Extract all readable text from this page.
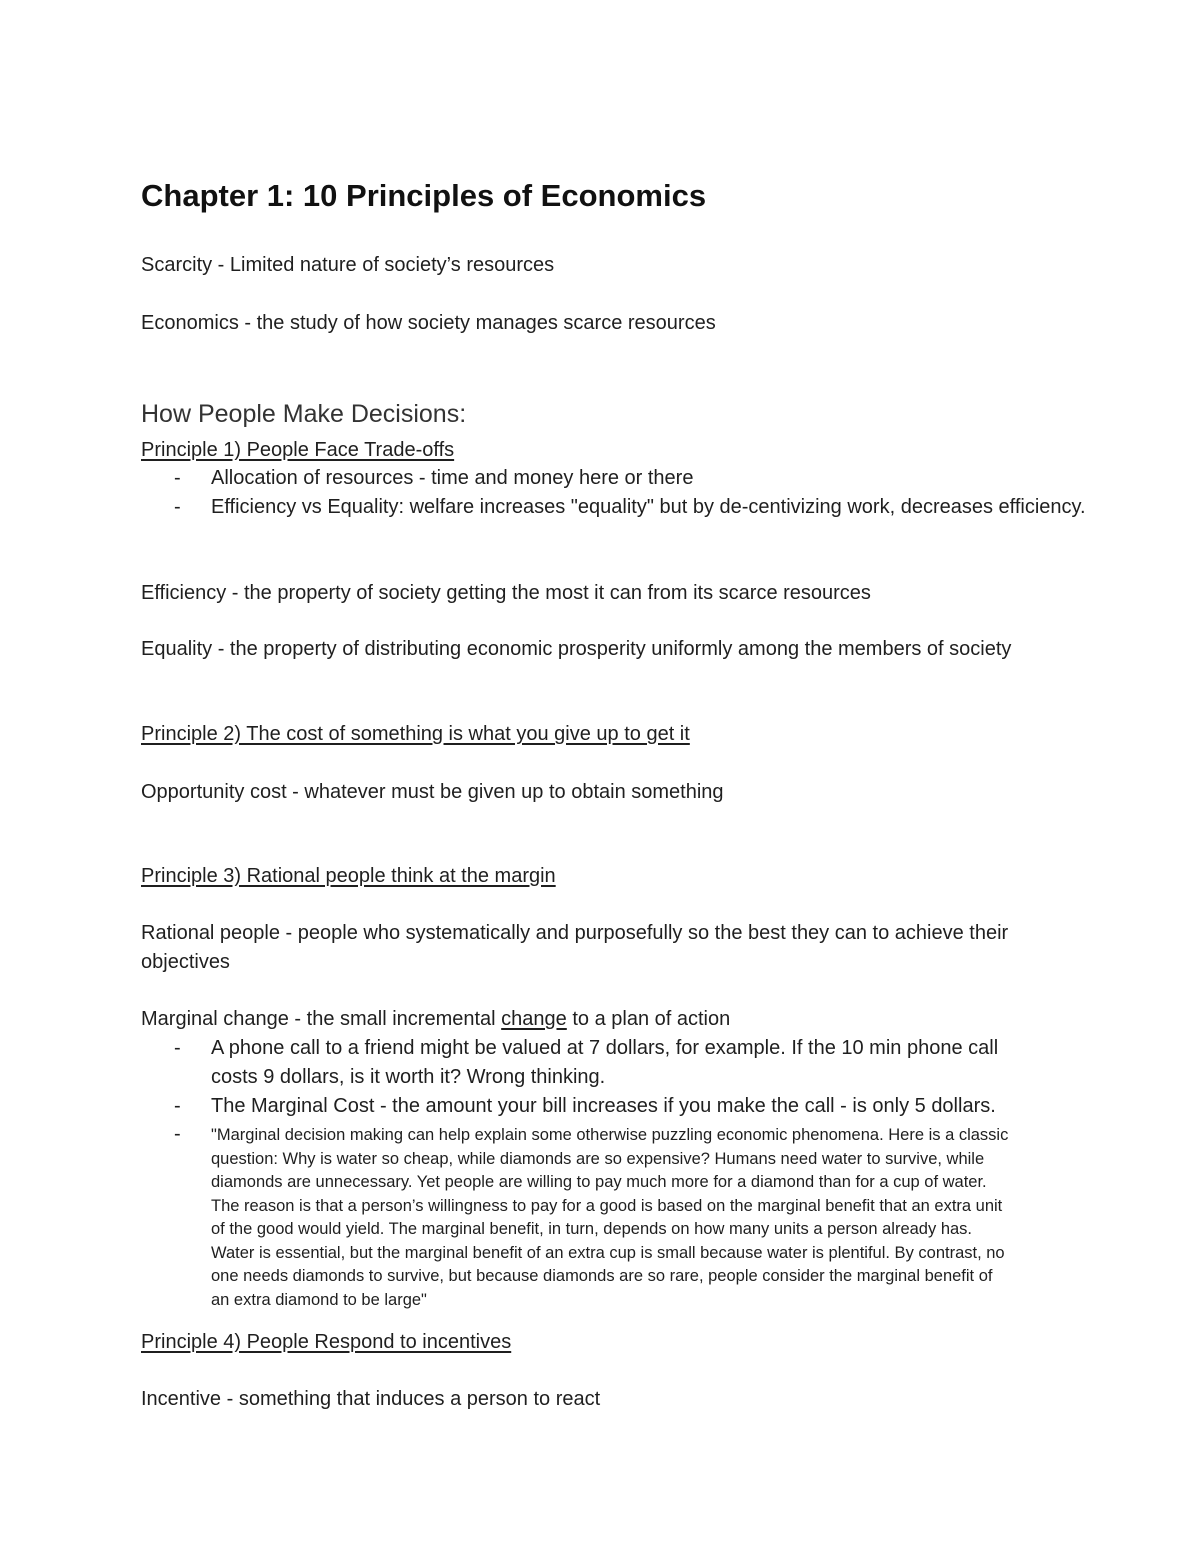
Chapter 1: 10 Principles of Economics

Scarcity - Limited nature of society’s resources

Economics - the study of how society manages scarce resources

How People Make Decisions:

Principle 1) People Face Trade-offs

- Allocation of resources - time and money here or there
- Efficiency vs Equality: welfare increases "equality" but by de-centivizing work, decreases efficiency.

Efficiency - the property of society getting the most it can from its scarce resources

Equality - the property of distributing economic prosperity uniformly among the members of society

Principle 2) The cost of something is what you give up to get it

Opportunity cost - whatever must be given up to obtain something

Principle 3) Rational people think at the margin

Rational people - people who systematically and purposefully so the best they can to achieve their objectives

Marginal change - the small incremental change to a plan of action

- A phone call to a friend might be valued at 7 dollars, for example. If the 10 min phone call costs 9 dollars, is it worth it? Wrong thinking.
- The Marginal Cost - the amount your bill increases if you make the call - is only 5 dollars.
- "Marginal decision making can help explain some otherwise puzzling economic phenomena. Here is a classic question: Why is water so cheap, while diamonds are so expensive? Humans need water to survive, while diamonds are unnecessary. Yet people are willing to pay much more for a diamond than for a cup of water. The reason is that a person’s willingness to pay for a good is based on the marginal benefit that an extra unit of the good would yield. The marginal benefit, in turn, depends on how many units a person already has. Water is essential, but the marginal benefit of an extra cup is small because water is plentiful. By contrast, no one needs diamonds to survive, but because diamonds are so rare, people consider the marginal benefit of an extra diamond to be large"

Principle 4) People Respond to incentives

Incentive - something that induces a person to react
